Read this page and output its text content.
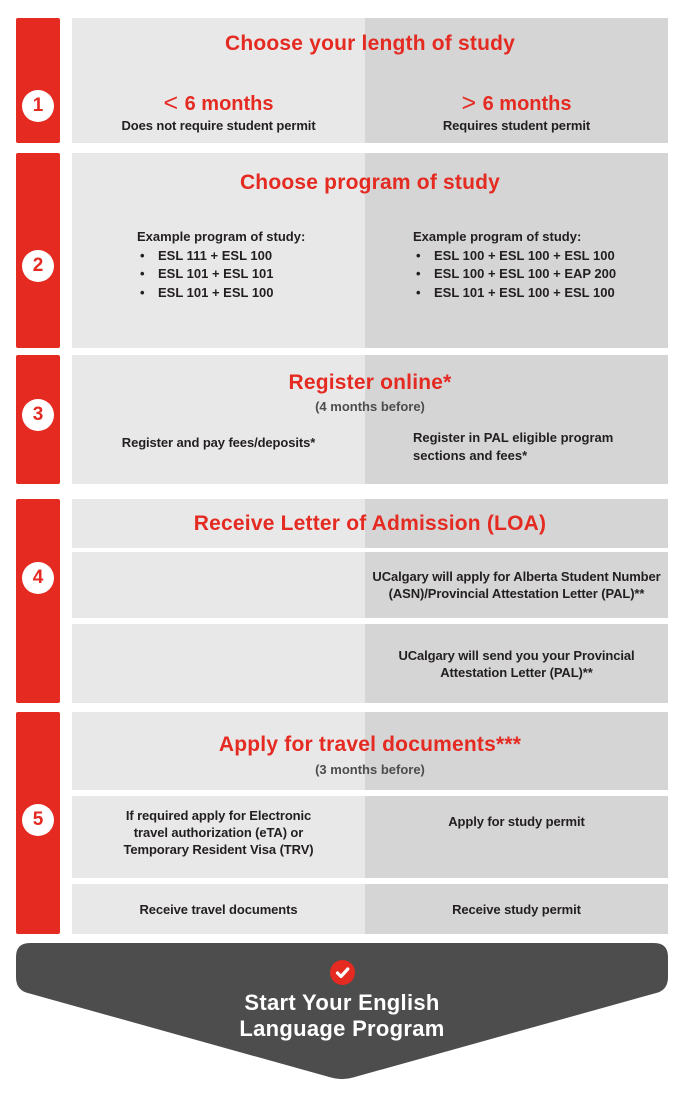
1
2
3
4
5
Choose your length of study
< 6 months
Does not require student permit
> 6 months
Requires student permit
Choose program of study
Example program of study:
• ESL 111 + ESL 100
• ESL 101 + ESL 101
• ESL 101 + ESL 100
Example program of study:
• ESL 100 + ESL 100 + ESL 100
• ESL 100 + ESL 100 + EAP 200
• ESL 101 + ESL 100 + ESL 100
Register online*
(4 months before)
Register and pay fees/deposits*	Register in PAL eligible program
sections and fees*
Receive Letter of Admission (LOA)
UCalgary will apply for Alberta Student Number
(ASN)/Provincial Attestation Letter (PAL)**
UCalgary will send you your Provincial
Attestation Letter (PAL)**
Apply for travel documents***
(3 months before)
If required apply for Electronic
travel authorization (eTA) or
Temporary Resident Visa (TRV)
Apply for study permit
Receive travel documents	Receive study permit
Start Your English
Language Program
